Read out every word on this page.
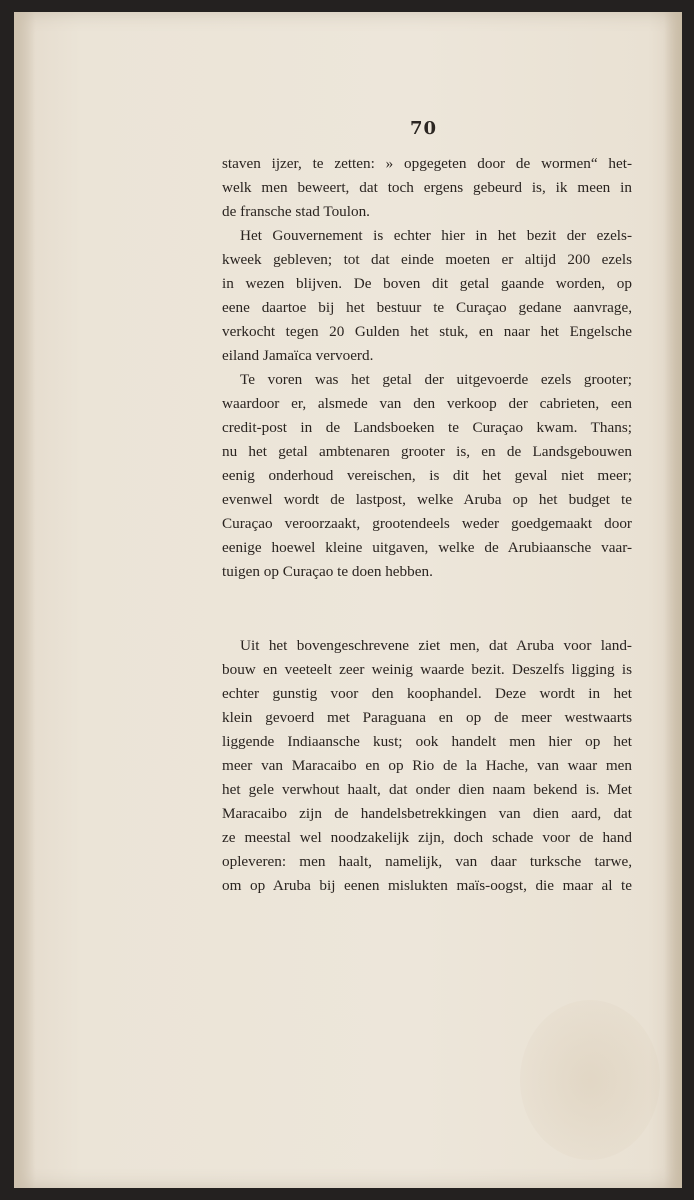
70
staven ijzer, te zetten: » opgegeten door de wormen“ het-
welk men beweert, dat toch ergens gebeurd is, ik meen in
de fransche stad Toulon.
Het Gouvernement is echter hier in het bezit der ezels-
kweek gebleven; tot dat einde moeten er altijd 200 ezels
in wezen blijven. De boven dit getal gaande worden, op
eene daartoe bij het bestuur te Curaçao gedane aanvrage,
verkocht tegen 20 Gulden het stuk, en naar het Engelsche
eiland Jamaïca vervoerd.
Te voren was het getal der uitgevoerde ezels grooter;
waardoor er, alsmede van den verkoop der cabrieten, een
credit-post in de Landsboeken te Curaçao kwam. Thans;
nu het getal ambtenaren grooter is, en de Landsgebouwen
eenig onderhoud vereischen, is dit het geval niet meer;
evenwel wordt de lastpost, welke Aruba op het budget te
Curaçao veroorzaakt, grootendeels weder goedgemaakt door
eenige hoewel kleine uitgaven, welke de Arubiaansche vaar-
tuigen op Curaçao te doen hebben.
Uit het bovengeschrevene ziet men, dat Aruba voor land-
bouw en veeteelt zeer weinig waarde bezit. Deszelfs ligging is
echter gunstig voor den koophandel. Deze wordt in het
klein gevoerd met Paraguana en op de meer westwaarts
liggende Indiaansche kust; ook handelt men hier op het
meer van Maracaibo en op Rio de la Hache, van waar men
het gele verwhout haalt, dat onder dien naam bekend is. Met
Maracaibo zijn de handelsbetrekkingen van dien aard, dat
ze meestal wel noodzakelijk zijn, doch schade voor de hand
opleveren: men haalt, namelijk, van daar turksche tarwe,
om op Aruba bij eenen mislukten maïs-oogst, die maar al te
